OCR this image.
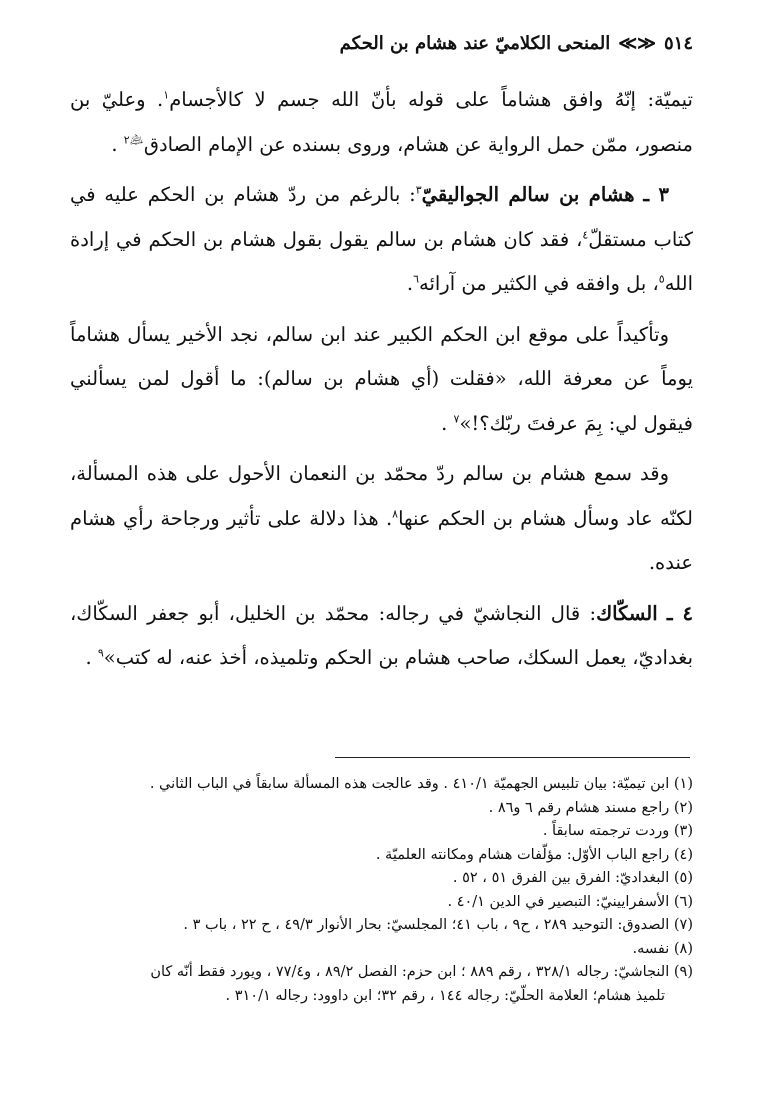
٥١٤
≪≫
المنحى الكلاميّ عند هشام بن الحكم

تيميّة: إنّهُ وافق هشاماً على قوله بأنّ الله جسم لا كالأجسام$^١$. وعليّ بن منصور، ممّن حمل الرواية عن هشام، وروى بسنده عن الإمام الصادق$^{﵇٢}$ .

٣ ـ هشام بن سالم الجواليقيّ$^٣$: بالرغم من ردّ هشام بن الحكم عليه في كتاب مستقلّ$^٤$، فقد كان هشام بن سالم يقول بقول هشام بن الحكم في إرادة الله$^٥$، بل وافقه في الكثير من آرائه$^٦$.

وتأكيداً على موقع ابن الحكم الكبير عند ابن سالم، نجد الأخير يسأل هشاماً يوماً عن معرفة الله، «فقلت (أي هشام بن سالم): ما أقول لمن يسألني فيقول لي: بِمَ عرفتَ ربّك؟!»$^٧$ .

وقد سمع هشام بن سالم ردّ محمّد بن النعمان الأحول على هذه المسألة، لكنّه عاد وسأل هشام بن الحكم عنها$^٨$. هذا دلالة على تأثير ورجاحة رأي هشام عنده.

٤ ـ السكّاك: قال النجاشيّ في رجاله: محمّد بن الخليل، أبو جعفر السكّاك، بغداديّ، يعمل السكك، صاحب هشام بن الحكم وتلميذه، أخذ عنه، له كتب»$^٩$ .

(١) ابن تيميّة: بيان تلبيس الجهميّة ٤١٠/١ . وقد عالجت هذه المسألة سابقاً في الباب الثاني .

(٢) راجع مسند هشام رقم ٦ و٨٦ .

(٣) وردت ترجمته سابقاً .

(٤) راجع الباب الأوّل: مؤلّفات هشام ومكانته العلميّة .

(٥) البغداديّ: الفرق بين الفرق ٥١ ، ٥٢ .

(٦) الأسفرايينيّ: التبصير في الدين ٤٠/١ .

(٧) الصدوق: التوحيد ٢٨٩ ، ح٩ ، باب ٤١؛ المجلسيّ: بحار الأنوار ٤٩/٣ ، ح ٢٢ ، باب ٣ .

(٨) نفسه.

(٩) النجاشيّ: رجاله ٣٢٨/١ ، رقم ٨٨٩ ؛ ابن حزم: الفصل ٨٩/٢ ، و٧٧/٤ ، ويورد فقط أنّه كان

تلميذ هشام؛ العلامة الحلّيّ: رجاله ١٤٤ ، رقم ٣٢؛ ابن داوود: رجاله ٣١٠/١ .
